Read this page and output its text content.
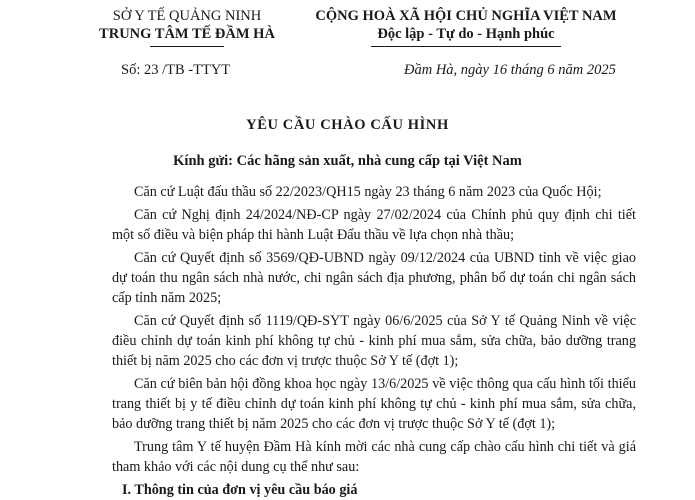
SỞ Y TẾ QUẢNG NINH
TRUNG TÂM TẾ ĐẦM HÀ
CỘNG HOÀ XÃ HỘI CHỦ NGHĨA VIỆT NAM
Độc lập - Tự do - Hạnh phúc
Số: 23 /TB -TTYT	Đầm Hà, ngày 16 tháng 6 năm 2025
YÊU CẦU CHÀO CẤU HÌNH
Kính gửi: Các hãng sản xuất, nhà cung cấp tại Việt Nam

Căn cứ Luật đấu thầu số 22/2023/QH15 ngày 23 tháng 6 năm 2023 của Quốc Hội;

Căn cứ Nghị định 24/2024/NĐ-CP ngày 27/02/2024 của Chính phủ quy định chi tiết một số điều và biện pháp thi hành Luật Đấu thầu về lựa chọn nhà thầu;

Căn cứ Quyết định số 3569/QĐ-UBND ngày 09/12/2024 của UBND tỉnh về việc giao dự toán thu ngân sách nhà nước, chi ngân sách địa phương, phân bổ dự toán chi ngân sách cấp tỉnh năm 2025;

Căn cứ Quyết định số 1119/QĐ-SYT ngày 06/6/2025 của Sở Y tế Quảng Ninh về việc điều chỉnh dự toán kinh phí không tự chủ - kinh phí mua sắm, sửa chữa, bảo dưỡng trang thiết bị năm 2025 cho các đơn vị trược thuộc Sở Y tế (đợt 1);

Căn cứ biên bản hội đồng khoa học ngày 13/6/2025 về việc thông qua cấu hình tối thiểu trang thiết bị y tế điều chỉnh dự toán kinh phí không tự chủ - kinh phí mua sắm, sửa chữa, bảo dưỡng trang thiết bị năm 2025 cho các đơn vị trược thuộc Sở Y tế (đợt 1);

Trung tâm Y tế huyện Đầm Hà kính mời các nhà cung cấp chào cấu hình chi tiết và giá tham khảo với các nội dung cụ thể như sau:

I. Thông tin của đơn vị yêu cầu báo giá
